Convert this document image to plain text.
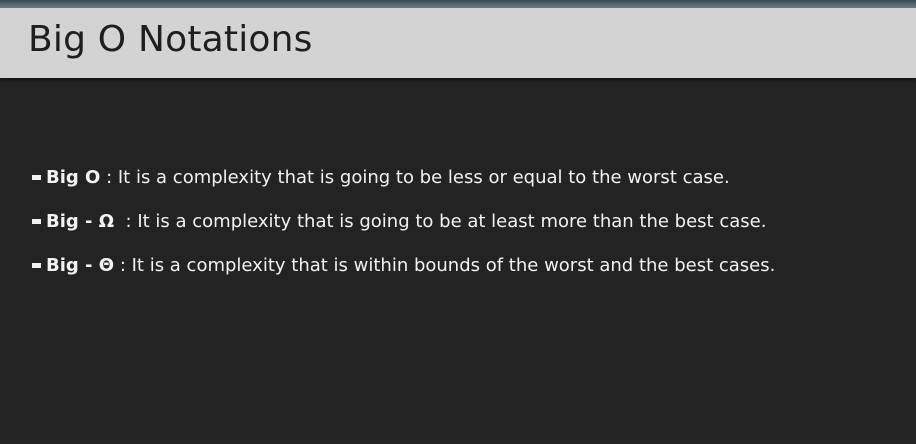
Big O Notations
Big O : It is a complexity that is going to be less or equal to the worst case.
Big - Ω  : It is a complexity that is going to be at least more than the best case.
Big - Θ : It is a complexity that is within bounds of the worst and the best cases.
